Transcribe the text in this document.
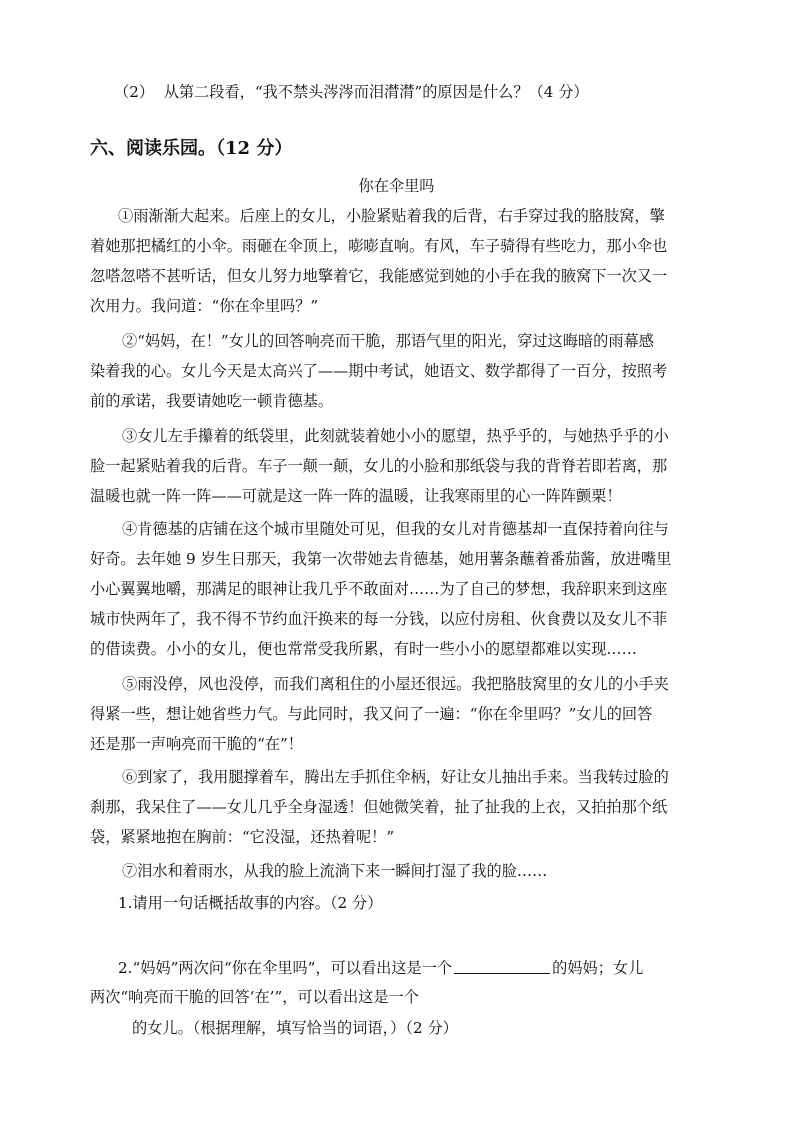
（2） 从第二段看，“我不禁头涔涔而泪潸潸”的原因是什么？（4 分）
六、阅读乐园。（12 分）
你在伞里吗
①雨渐渐大起来。后座上的女儿，小脸紧贴着我的后背，右手穿过我的胳肢窝，擎
着她那把橘红的小伞。雨砸在伞顶上，嘭嘭直响。有风，车子骑得有些吃力，那小伞也
忽嗒忽嗒不甚听话，但女儿努力地擎着它，我能感觉到她的小手在我的腋窝下一次又一
次用力。我问道：“你在伞里吗？”
②“妈妈，在！”女儿的回答响亮而干脆，那语气里的阳光，穿过这晦暗的雨幕感
染着我的心。女儿今天是太高兴了——期中考试，她语文、数学都得了一百分，按照考
前的承诺，我要请她吃一顿肯德基。
③女儿左手攥着的纸袋里，此刻就装着她小小的愿望，热乎乎的，与她热乎乎的小
脸一起紧贴着我的后背。车子一颠一颠，女儿的小脸和那纸袋与我的背脊若即若离，那
温暖也就一阵一阵——可就是这一阵一阵的温暖，让我寒雨里的心一阵阵颤栗！
④肯德基的店铺在这个城市里随处可见，但我的女儿对肯德基却一直保持着向往与
好奇。去年她 9 岁生日那天，我第一次带她去肯德基，她用薯条蘸着番茄酱，放进嘴里
小心翼翼地嚼，那满足的眼神让我几乎不敢面对……为了自己的梦想，我辞职来到这座
城市快两年了，我不得不节约血汗换来的每一分钱，以应付房租、伙食费以及女儿不菲
的借读费。小小的女儿，便也常常受我所累，有时一些小小的愿望都难以实现……
⑤雨没停，风也没停，而我们离租住的小屋还很远。我把胳肢窝里的女儿的小手夹
得紧一些，想让她省些力气。与此同时，我又问了一遍：“你在伞里吗？”女儿的回答
还是那一声响亮而干脆的“在”！
⑥到家了，我用腿撑着车，腾出左手抓住伞柄，好让女儿抽出手来。当我转过脸的
刹那，我呆住了——女儿几乎全身湿透！但她微笑着，扯了扯我的上衣，又拍拍那个纸
袋，紧紧地抱在胸前：“它没湿，还热着呢！”
⑦泪水和着雨水，从我的脸上流淌下来一瞬间打湿了我的脸……
1.请用一句话概括故事的内容。（2 分）
2.“妈妈”两次问“你在伞里吗”，可以看出这是一个	的妈妈；女儿
两次“响亮而干脆的回答‘在’”，可以看出这是一个
的女儿。（根据理解，填写恰当的词语，）（2 分）
